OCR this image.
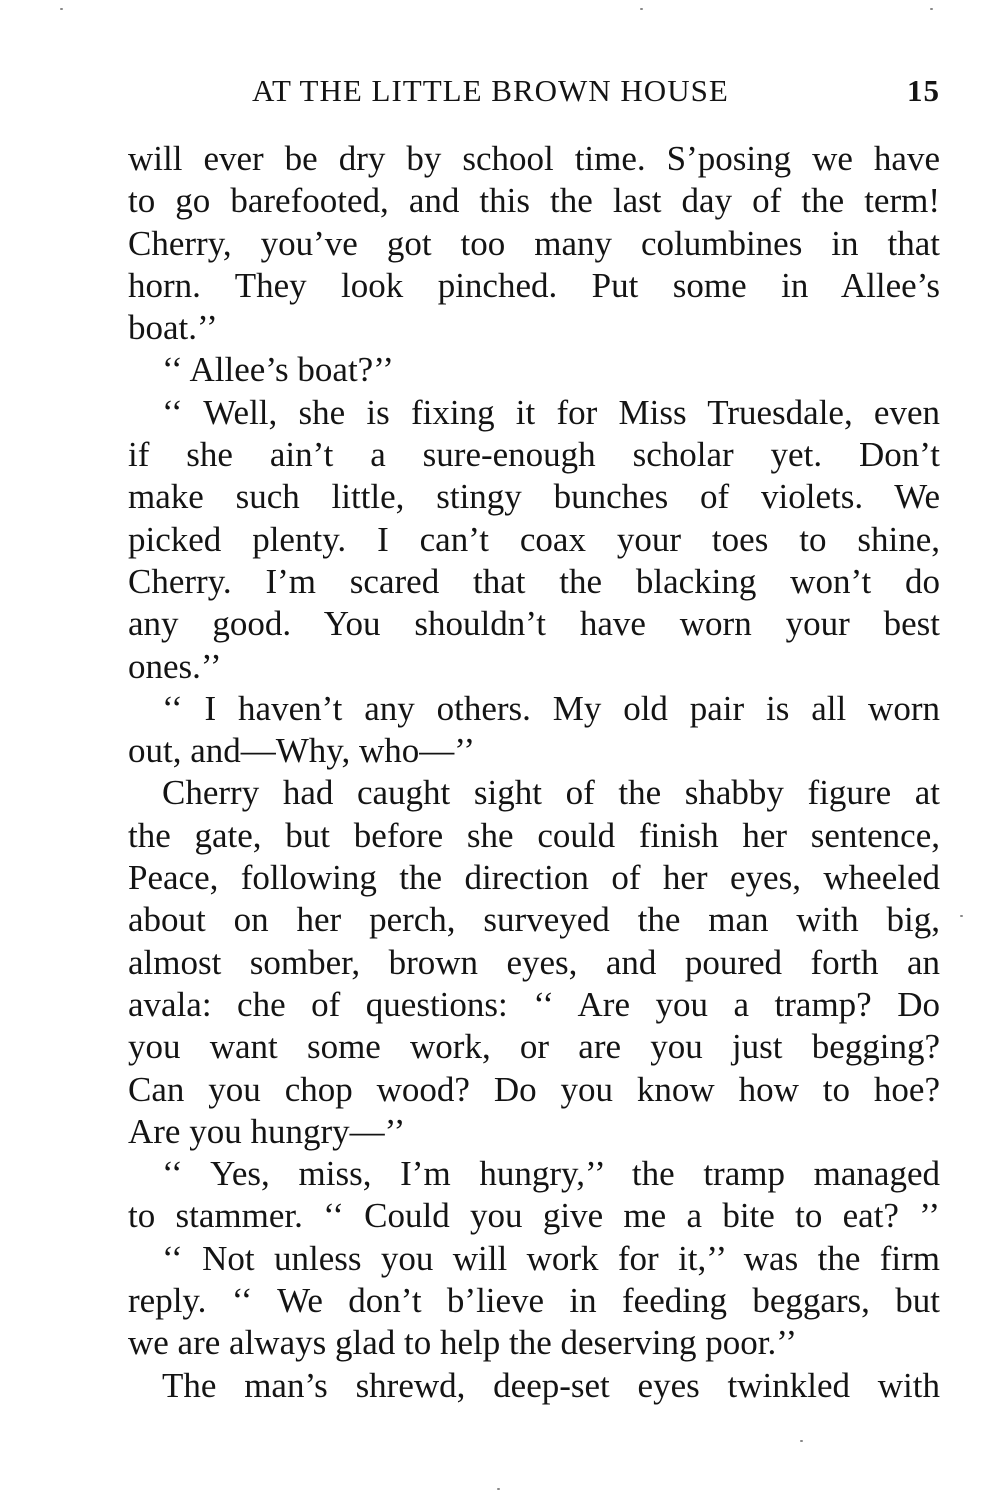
AT THE LITTLE BROWN HOUSE	15
will ever be dry by school time. S’posing we have
to go barefooted, and this the last day of the term!
Cherry, you’ve got too many columbines in that
horn. They look pinched. Put some in Allee’s
boat.’’
‘‘ Allee’s boat?’’
‘‘ Well, she is fixing it for Miss Truesdale, even
if she ain’t a sure-enough scholar yet. Don’t
make such little, stingy bunches of violets. We
picked plenty. I can’t coax your toes to shine,
Cherry. I’m scared that the blacking won’t do
any good. You shouldn’t have worn your best
ones.’’
‘‘ I haven’t any others. My old pair is all worn
out, and—Why, who—’’
Cherry had caught sight of the shabby figure at
the gate, but before she could finish her sentence,
Peace, following the direction of her eyes, wheeled
about on her perch, surveyed the man with big,
almost somber, brown eyes, and poured forth an
avala: che of questions: ‘‘ Are you a tramp? Do
you want some work, or are you just begging?
Can you chop wood? Do you know how to hoe?
Are you hungry—’’
‘‘ Yes, miss, I’m hungry,’’ the tramp managed
to stammer. ‘‘ Could you give me a bite to eat? ’’
‘‘ Not unless you will work for it,’’ was the firm
reply. ‘‘ We don’t b’lieve in feeding beggars, but
we are always glad to help the deserving poor.’’
The man’s shrewd, deep-set eyes twinkled with
